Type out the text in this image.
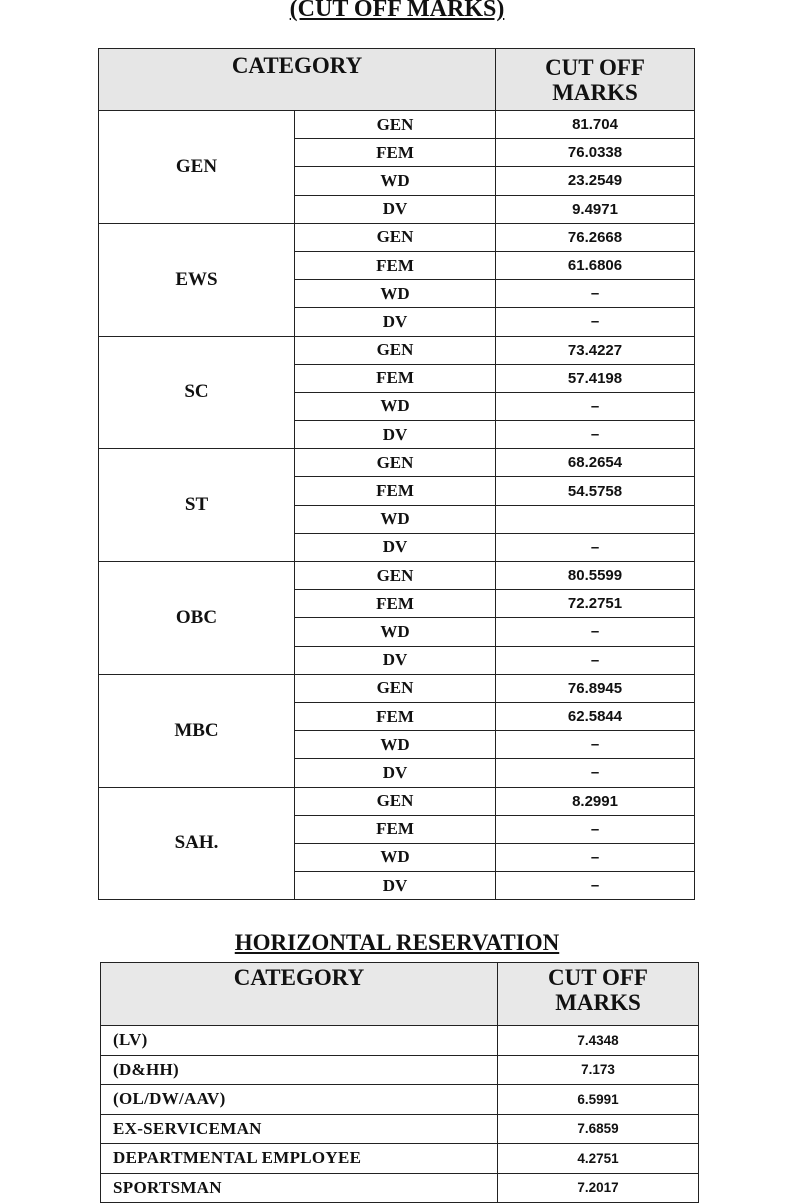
(CUT OFF MARKS)
CATEGORY		CUT OFF MARKS
GEN	GEN	81.704
	FEM	76.0338
	WD	23.2549
	DV	9.4971
EWS	GEN	76.2668
	FEM	61.6806
	WD	–
	DV	–
SC	GEN	73.4227
	FEM	57.4198
	WD	–
	DV	–
ST	GEN	68.2654
	FEM	54.5758
	WD	
	DV	–
OBC	GEN	80.5599
	FEM	72.2751
	WD	–
	DV	–
MBC	GEN	76.8945
	FEM	62.5844
	WD	–
	DV	–
SAH.	GEN	8.2991
	FEM	–
	WD	–
	DV	–
HORIZONTAL RESERVATION
CATEGORY	CUT OFF MARKS
(LV)	7.4348
(D&HH)	7.173
(OL/DW/AAV)	6.5991
EX-SERVICEMAN	7.6859
DEPARTMENTAL EMPLOYEE	4.2751
SPORTSMAN	7.2017
